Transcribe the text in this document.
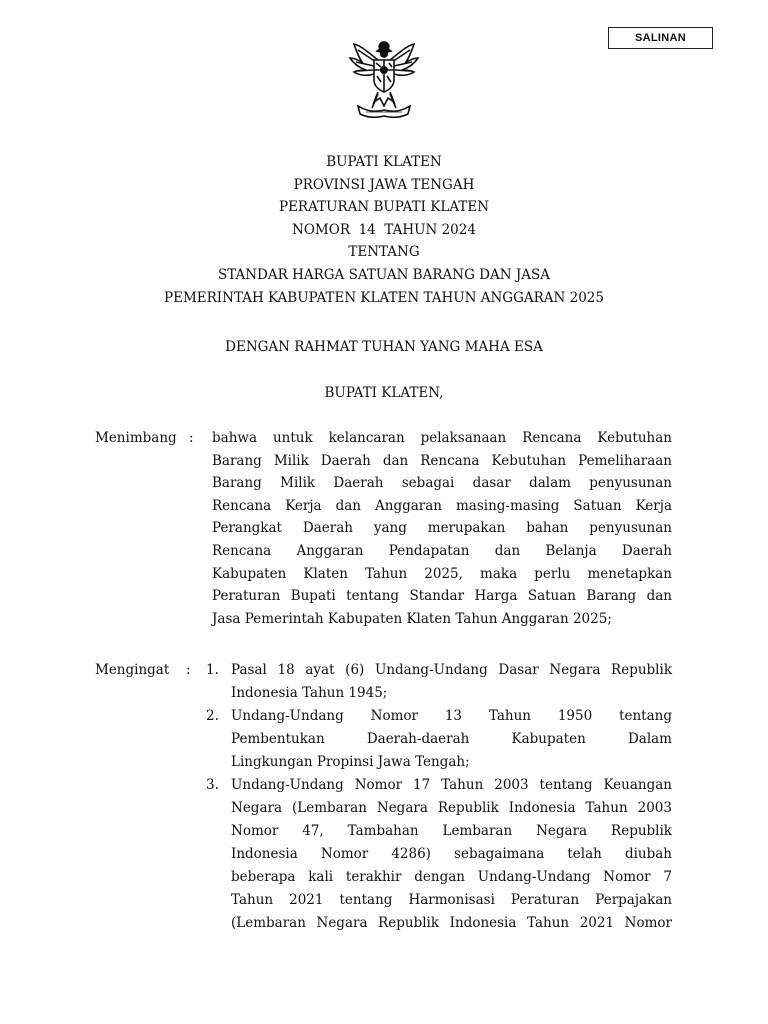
SALINAN
BUPATI KLATEN
PROVINSI JAWA TENGAH
PERATURAN BUPATI KLATEN
NOMOR  14  TAHUN 2024
TENTANG
STANDAR HARGA SATUAN BARANG DAN JASA
PEMERINTAH KABUPATEN KLATEN TAHUN ANGGARAN 2025
DENGAN RAHMAT TUHAN YANG MAHA ESA
BUPATI KLATEN,
Menimbang : bahwa untuk kelancaran pelaksanaan Rencana Kebutuhan
Barang Milik Daerah dan Rencana Kebutuhan Pemeliharaan
Barang Milik Daerah sebagai dasar dalam penyusunan
Rencana Kerja dan Anggaran masing-masing Satuan Kerja
Perangkat Daerah yang merupakan bahan penyusunan
Rencana Anggaran Pendapatan dan Belanja Daerah
Kabupaten Klaten Tahun 2025, maka perlu menetapkan
Peraturan Bupati tentang Standar Harga Satuan Barang dan
Jasa Pemerintah Kabupaten Klaten Tahun Anggaran 2025;
Mengingat : 1. Pasal 18 ayat (6) Undang-Undang Dasar Negara Republik
Indonesia Tahun 1945;
2. Undang-Undang Nomor 13 Tahun 1950 tentang
Pembentukan Daerah-daerah Kabupaten Dalam
Lingkungan Propinsi Jawa Tengah;
3. Undang-Undang Nomor 17 Tahun 2003 tentang Keuangan
Negara (Lembaran Negara Republik Indonesia Tahun 2003
Nomor 47, Tambahan Lembaran Negara Republik
Indonesia Nomor 4286) sebagaimana telah diubah
beberapa kali terakhir dengan Undang-Undang Nomor 7
Tahun 2021 tentang Harmonisasi Peraturan Perpajakan
(Lembaran Negara Republik Indonesia Tahun 2021 Nomor
